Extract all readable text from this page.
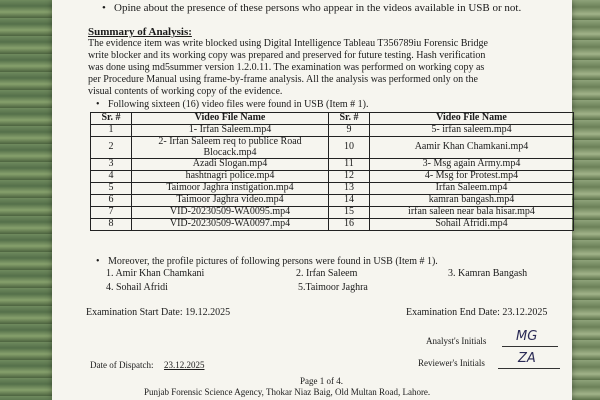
• Opine about the presence of these persons who appear in the videos available in USB or not.
Summary of Analysis:
The evidence item was write blocked using Digital Intelligence Tableau T356789iu Forensic Bridge
write blocker and its working copy was prepared and preserved for future testing. Hash verification
was done using md5summer version 1.2.0.11. The examination was performed on working copy as
per Procedure Manual using frame-by-frame analysis. All the analysis was performed only on the
visual contents of working copy of the evidence.
• Following sixteen (16) video files were found in USB (Item # 1).
Sr. #	Video File Name	Sr. #	Video File Name
1	1- Irfan Saleem.mp4	9	5- irfan saleem.mp4
2	2- Irfan Saleem req to publice Road
Blocack.mp4	10	Aamir Khan Chamkani.mp4
3	Azadi Slogan.mp4	11	3- Msg again Army.mp4
4	hashtnagri police.mp4	12	4- Msg for Protest.mp4
5	Taimoor Jaghra instigation.mp4	13	Irfan Saleem.mp4
6	Taimoor Jaghra video.mp4	14	kamran bangash.mp4
7	VID-20230509-WA0095.mp4	15	irfan saleen near bala hisar.mp4
8	VID-20230509-WA0097.mp4	16	Sohail Afridi.mp4
• Moreover, the profile pictures of following persons were found in USB (Item # 1).
1. Amir Khan Chamkani	2. Irfan Saleem	3. Kamran Bangash
4. Sohail Afridi	5.Taimoor Jaghra
Examination Start Date: 19.12.2025	Examination End Date: 23.12.2025
Analyst's Initials MG
Date of Dispatch: 23.12.2025	Reviewer's Initials	ZA
Page 1 of 4.
Punjab Forensic Science Agency, Thokar Niaz Baig, Old Multan Road, Lahore.
